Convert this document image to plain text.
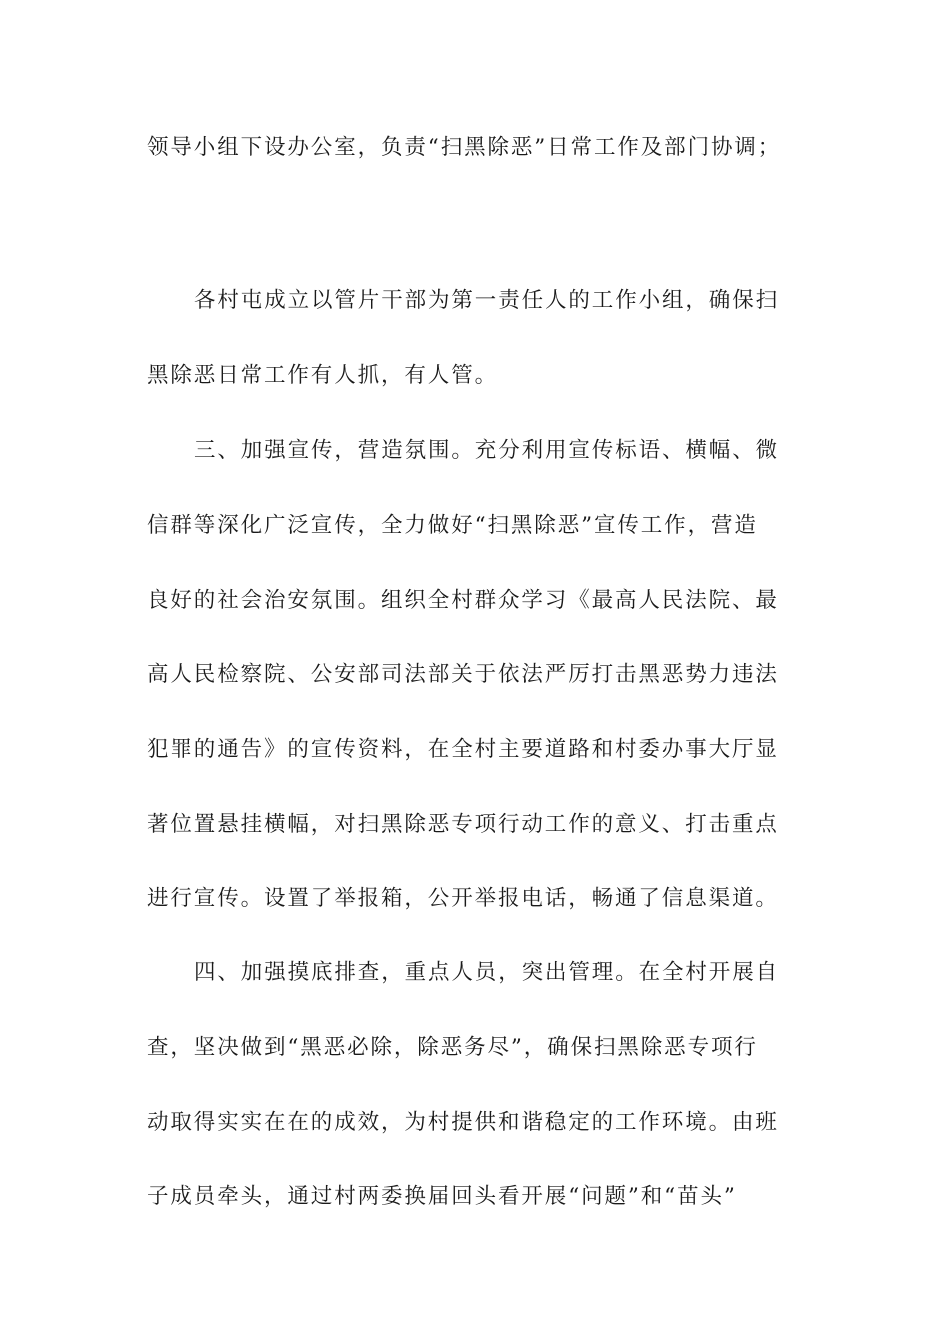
领导小组下设办公室，负责“扫黑除恶”日常工作及部门协调；

各村屯成立以管片干部为第一责任人的工作小组，确保扫

黑除恶日常工作有人抓，有人管。

三、加强宣传，营造氛围。充分利用宣传标语、横幅、微

信群等深化广泛宣传，全力做好“扫黑除恶”宣传工作，营造

良好的社会治安氛围。组织全村群众学习《最高人民法院、最

高人民检察院、公安部司法部关于依法严厉打击黑恶势力违法

犯罪的通告》的宣传资料，在全村主要道路和村委办事大厅显

著位置悬挂横幅，对扫黑除恶专项行动工作的意义、打击重点

进行宣传。设置了举报箱，公开举报电话，畅通了信息渠道。

四、加强摸底排查，重点人员，突出管理。在全村开展自

查，坚决做到“黑恶必除，除恶务尽”，确保扫黑除恶专项行

动取得实实在在的成效，为村提供和谐稳定的工作环境。由班

子成员牵头，通过村两委换届回头看开展“问题”和“苗头”
